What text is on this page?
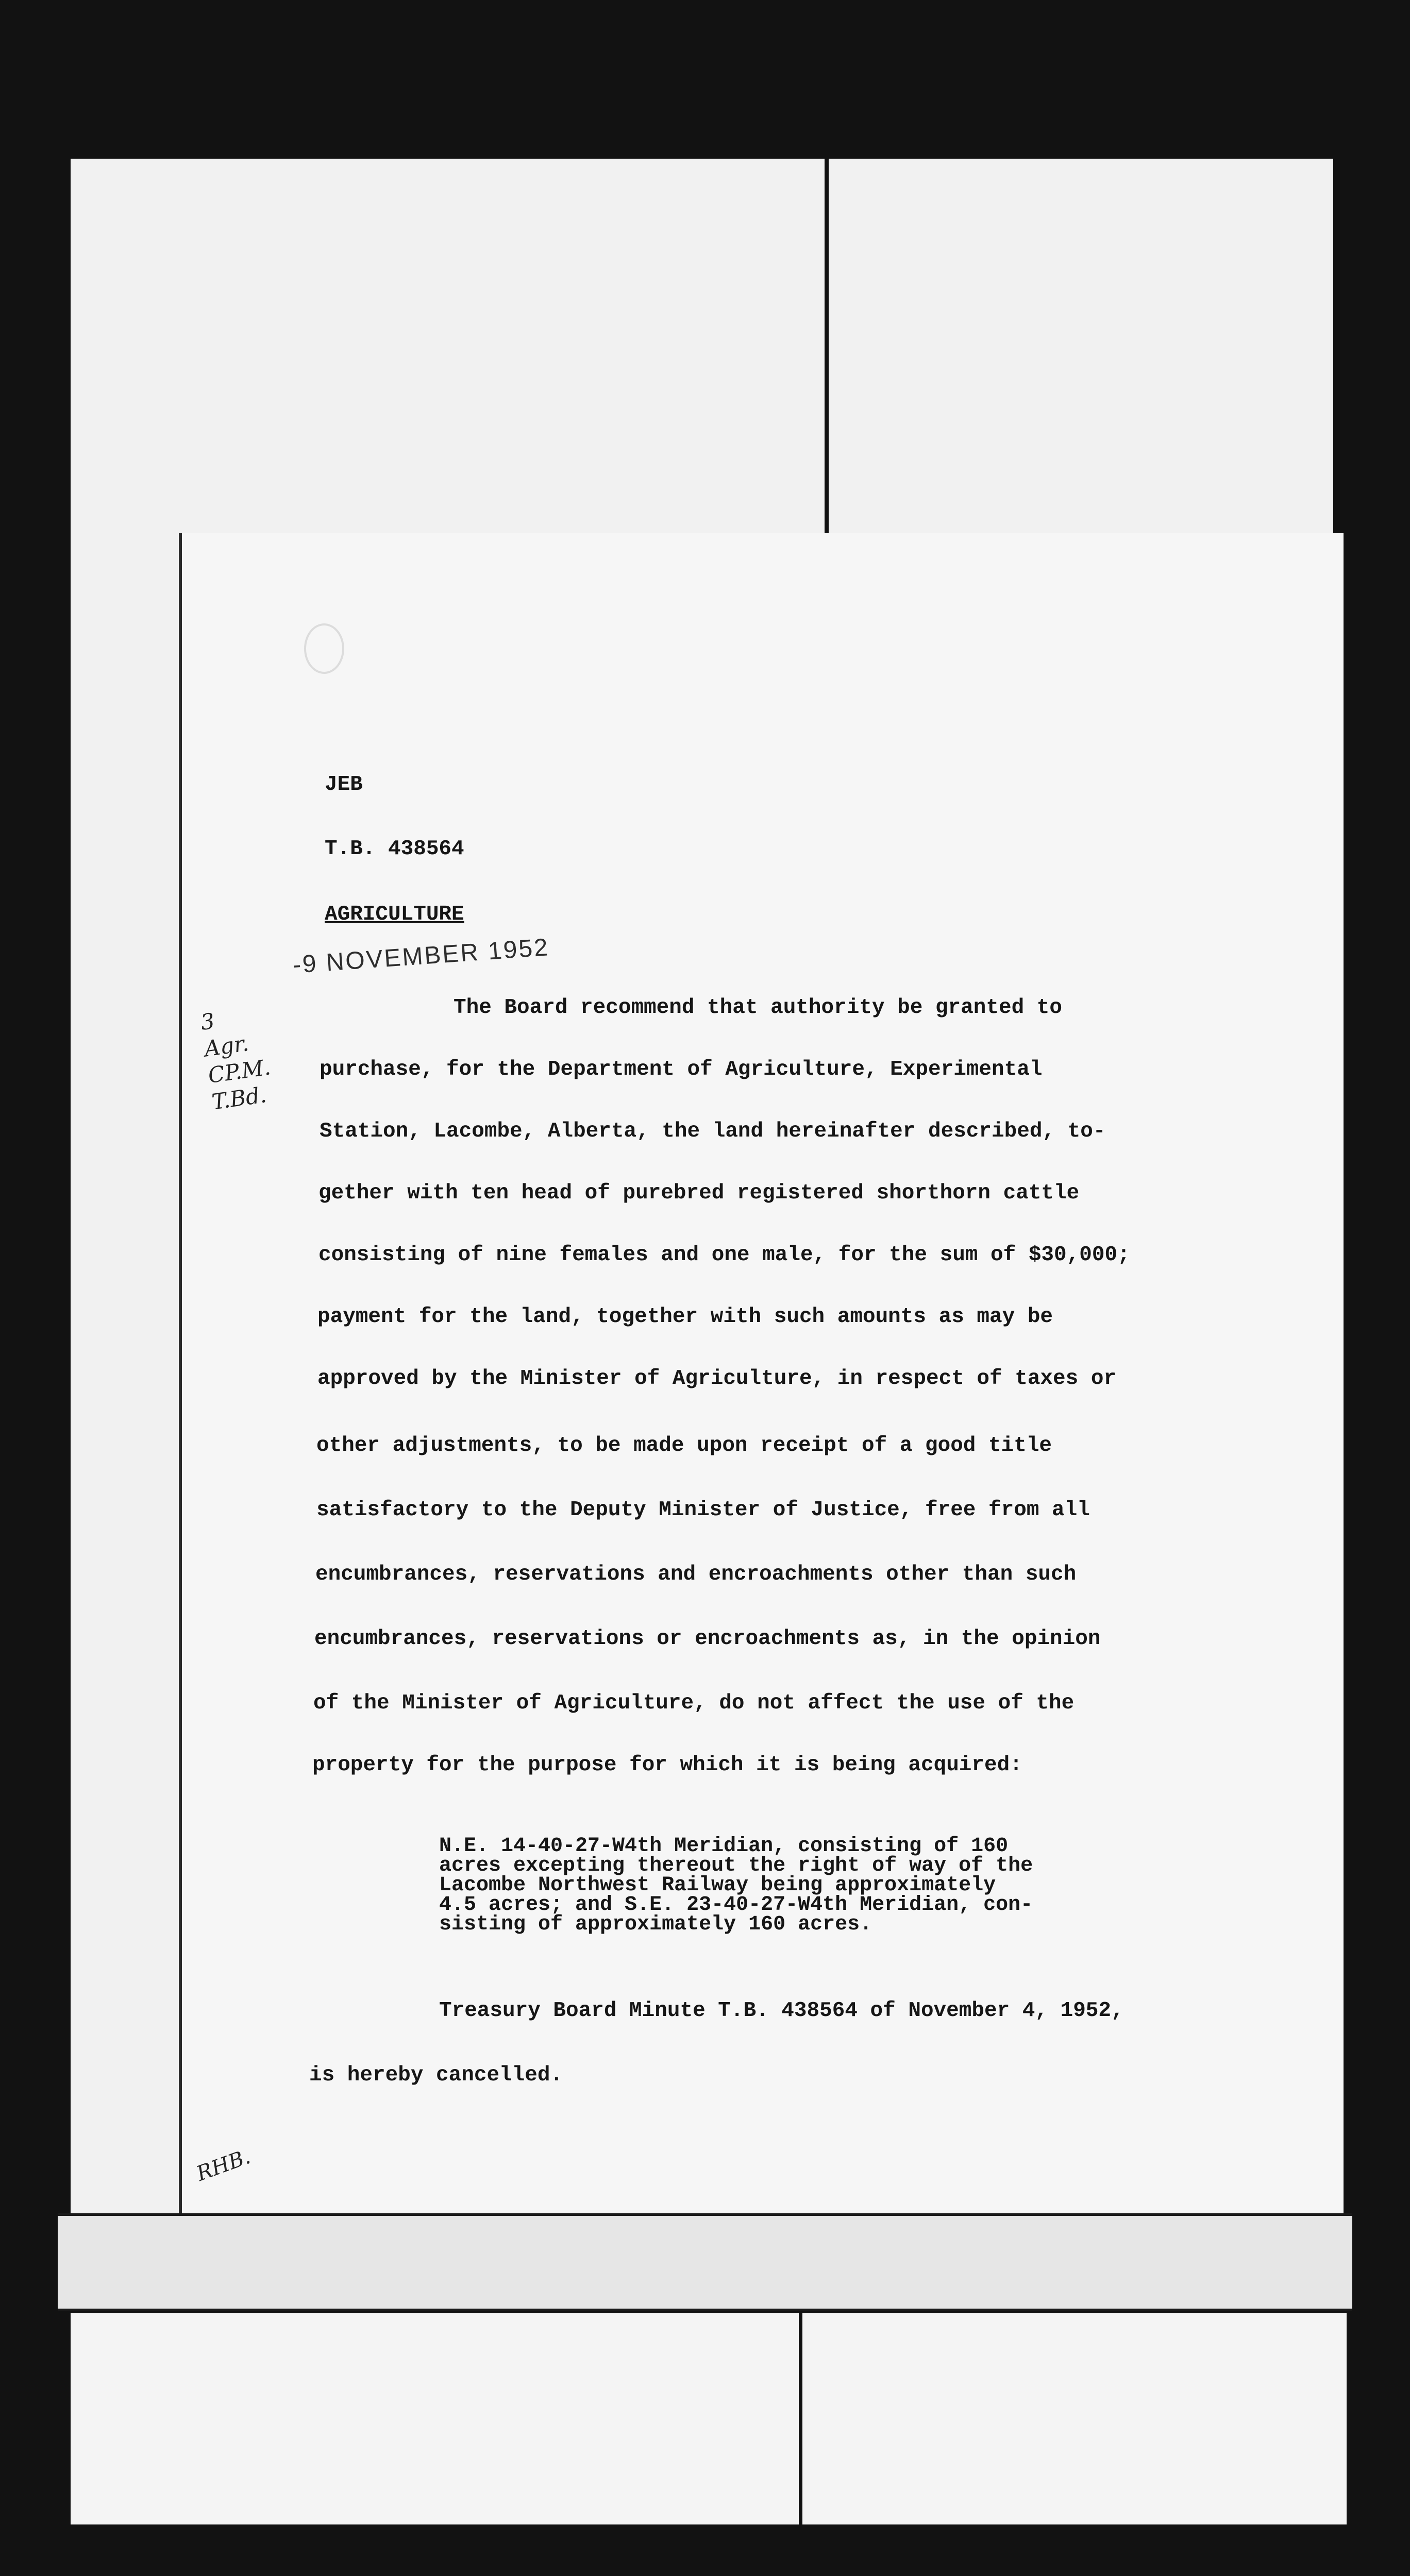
JEB

T.B. 438564

AGRICULTURE

-9 NOVEMBER 1952
3
Agr.
CP.M.
T.Bd.

The Board recommend that authority be granted to

purchase, for the Department of Agriculture, Experimental

Station, Lacombe, Alberta, the land hereinafter described, to-

gether with ten head of purebred registered shorthorn cattle

consisting of nine females and one male, for the sum of $30,000;

payment for the land, together with such amounts as may be

approved by the Minister of Agriculture, in respect of taxes or

other adjustments, to be made upon receipt of a good title

satisfactory to the Deputy Minister of Justice, free from all

encumbrances, reservations and encroachments other than such

encumbrances, reservations or encroachments as, in the opinion

of the Minister of Agriculture, do not affect the use of the

property for the purpose for which it is being acquired:

N.E. 14-40-27-W4th Meridian, consisting of 160
acres excepting thereout the right of way of the
Lacombe Northwest Railway being approximately
4.5 acres; and S.E. 23-40-27-W4th Meridian, con-
sisting of approximately 160 acres.

Treasury Board Minute T.B. 438564 of November 4, 1952,

is hereby cancelled.

RHB.
